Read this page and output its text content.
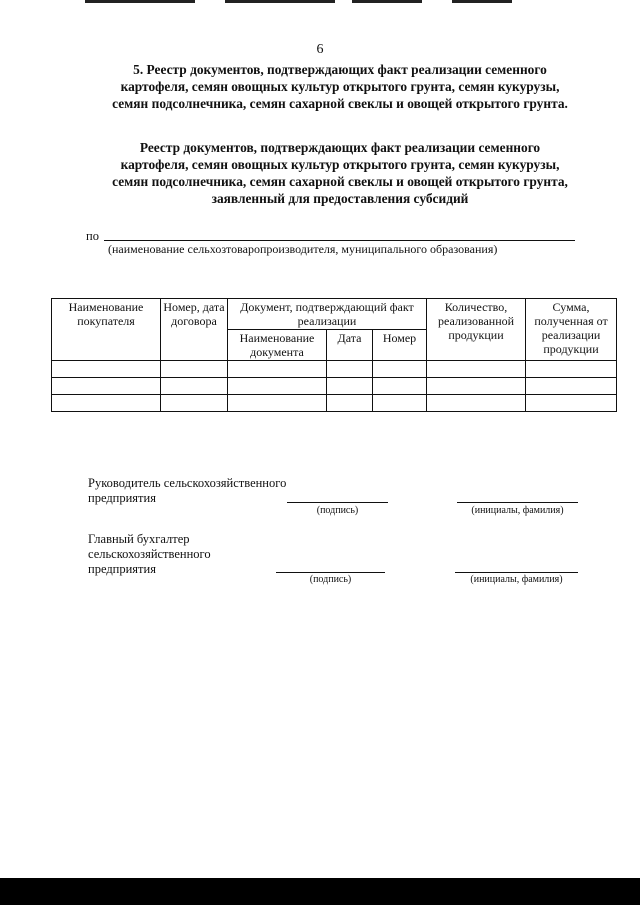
6
5. Реестр документов, подтверждающих факт реализации семенного
картофеля, семян овощных культур открытого грунта, семян кукурузы,
семян подсолнечника, семян сахарной свеклы и овощей открытого грунта.
Реестр документов, подтверждающих факт реализации семенного
картофеля, семян овощных культур открытого грунта, семян кукурузы,
семян подсолнечника, семян сахарной свеклы и овощей открытого грунта,
заявленный для предоставления субсидий
по
(наименование сельхозтоваропроизводителя, муниципального образования)
Наименование покупателя	Номер, дата договора	Документ, подтверждающий факт реализации			Количество, реализованной продукции	Сумма, полученная от реализации продукции
		Наименование документа	Дата	Номер		

Руководитель сельскохозяйственного
предприятия
(подпись)	(инициалы, фамилия)
Главный бухгалтер
сельскохозяйственного
предприятия
(подпись)	(инициалы, фамилия)
